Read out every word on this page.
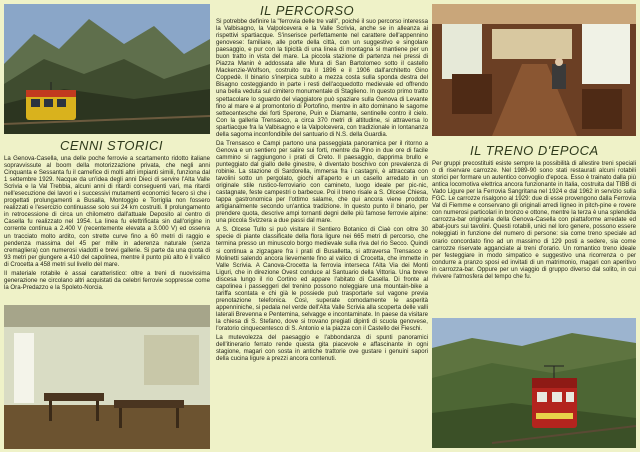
IL PERCORSO
CENNI STORICI	IL TRENO D'EPOCA

La Genova-Casella, una delle poche ferrovie a scartamento ridotto italiane sopravvissute al boom della motorizzazione privata, che negli anni Cinquanta e Sessanta fu il carnefice di molti altri impianti simili, funziona dal 1 settembre 1929. Nacque da un'idea degli anni Dieci di servire l'Alta Valle Scrivia e la Val Trebbia, alcuni anni di ritardi conseguenti vari, ma ritardi nell'esecuzione dei lavori e i successivi mutamenti economici fecero sì che i progettati prolungamenti a Busalla, Montoggio e Torriglia non fossero realizzati e l'esercizio continuasse solo sui 24 km costruiti. Il prolungamento in retrocessione di circa un chilometro dall'attuale Deposito al centro di Casella fu realizzato nel 1954. La linea fu elettrificata sin dall'origine in corrente continua a 2.400 V (recentemente elevata a 3.000 V) ed osserva un tracciato molto ardito, con strette curve fino a 60 metri di raggio e pendenza massima del 45 per mille in aderenza naturale (senza cremagliera) con numerosi viadotti e brevi gallerie. Si parte da una quota di 93 metri per giungere a 410 del capolinea, mentre il punto più alto è il valico di Crocetta a 458 metri sul livello del mare.

Il materiale rotabile è assai caratteristico: oltre a treni di nuovissima generazione ne circolano altri acquistati da celebri ferrovie soppresse come la Ora-Predazzo e la Spoleto-Norcia.

Si potrebbe definire la "ferrovia delle tre valli", poiché il suo percorso interessa la Valbisagno, la Valpolcevera e la Valle Scrivia, anche se in alleanza ai rispettivi spartiacque. S'inserisce perfettamente nel carattere dell'appennino genovese: familiare, alle porte della città, con un suggestivo e singolare paesaggio, e pur con la tipicità di una linea di montagna si mantiene per un buon tratto in vista del mare. La piccola stazione di partenza nei pressi di Piazza Manin è addossata alle Mura di San Bartolomeo sotto il castello Mackenzie-Wolfson, costruito tra il 1896 e il 1906 dall'architetto Gino Coppedè. Il binario s'inerpica subito a mezza costa sulla sponda destra del Bisagno costeggiando in parte i resti dell'acquedotto medievale ed offrendo una bella veduta sul cimitero monumentale di Staglieno. In questo primo tratto spettacolare lo sguardo del viaggiatore può spaziare sulla Genova di Levante fino al mare e al promontorio di Portofino, mentre in alto dominano le sagome settecentesche dei forti Sperone, Puin e Diamante, sentinelle contro il cielo. Con la galleria Trensasco, a circa 370 metri di altitudine, si attraversa lo spartiacque fra la Valbisagno e la Valpolcevera, con tradizionale in lontananza della sagoma inconfondibile del santuario di N.S. della Guardia.

Da Trensasco e Campi partono una passeggiata panoramica per il ritorno a Genova e un sentiero per salire sui forti, mentre da Pino in due ore di facile cammino si raggiungono i prati di Creto. Il paesaggio, dapprima brullo e punteggiato dal giallo delle ginestre, è diventato boschivo con prevalenza di robinie. La stazione di Sardorella, immersa fra i castagni, è attraccata con tavolini sotto un pergolato, giochi all'aperto e un casello arredato in un originale stile rustico-ferroviario con camineto, luogo ideale per pic-nic, castagnate, feste campestri o barbecue. Poi il treno risale a S. Olcese Chiesa, tappa gastronomica per l'ottimo salame, che qui ancora viene prodotto artigianalmente secondo un'antica tradizione. In questo punto il binario, per prendere quota, descrive ampi tornanti degni delle più famose ferrovie alpine: una piccola Svizzera a due passi dal mare.

A S. Olcese Tullo si può visitare il Sentiero Botanico di Ciaè con oltre 30 specie di piante classificate della flora ligure nei 665 metri di percorso, che termina presso un minuscolo borgo medievale sulla riva del rio Secco. Quindi si continua a zigzagare fra i prati di Busalletta, si attraversa Trensasco e Molinetti salendo ancora lievemente fino al valico di Crocetta, che immette in Valle Scrivia. A Canova-Crocetta la ferrovia interseca l'Alta Via dei Monti Liguri, che in direzione Ovest conduce al Santuario della Vittoria. Una breve discesa lungo il rio Cortino ed appare l'abitato di Casella. Di fronte al capolinea i passeggeri del trenino possono noleggiare una mountain-bike a tariffa scontata e chi già le possiede può trasportarle sul vagone previa prenotazione telefonica. Così, superate comodamente le asperità appenniniche, si pedala nel verde dell'Alta Valle Scrivia alla scoperta delle valli laterali Brevenna e Pentemina, selvagge e incontaminate. In paese da visitare la chiesa di S. Stefano, dove si trovano pregiati dipinti di scuola genovese, l'oratorio cinquecentesco di S. Antonio e la piazza con il Castello dei Fieschi.

La mutevolezza del paesaggio e l'abbondanza di spunti panoramici dell'itinerario ferrato rende questa gita piacevole e affascinante in ogni stagione, magari con sosta in antiche trattorie ove gustare i genuini sapori della cucina ligure a prezzi ancora contenuti.

Per gruppi precostituiti esiste sempre la possibilità di allestire treni speciali o di riservare carrozze. Nel 1989-90 sono stati restaurati alcuni rotabili storici per formare un autentico convoglio d'epoca. Esso è trainato dalla più antica locomotiva elettrica ancora funzionante in Italia, costruita dal TIBB di Vado Ligure per la Ferrovia Sangritana nel 1924 e dal 1962 in servizio sulla FGC. Le carrozze risalgono al 1929: due di esse provengono dalla Ferrovia Val di Fiemme e conservano gli originali arredi ligneo in pitch-pine e rovere con numerosi particolari in bronzo e ottone, mentre la terza è una splendida carrozza-bar originaria della Genova-Casella con piattaforme arredate ed abat-jours sui tavolini. Questi rotabili, unici nel loro genere, possono essere noleggiati in funzione del numero di persone: sia come treno speciale ad orario concordato fino ad un massimo di 129 posti a sedere, sia come carrozze riservate agganciate ai treni d'orario. Un romantico treno ideale per festeggiare in modo simpatico e suggestivo una ricorrenza o per condurre a pranzo sposi ed invitati di un matrimonio, magari con aperitivo in carrozza-bar. Oppure per un viaggio di gruppo diverso dal solito, in cui rivivere l'atmosfera del tempo che fu.
